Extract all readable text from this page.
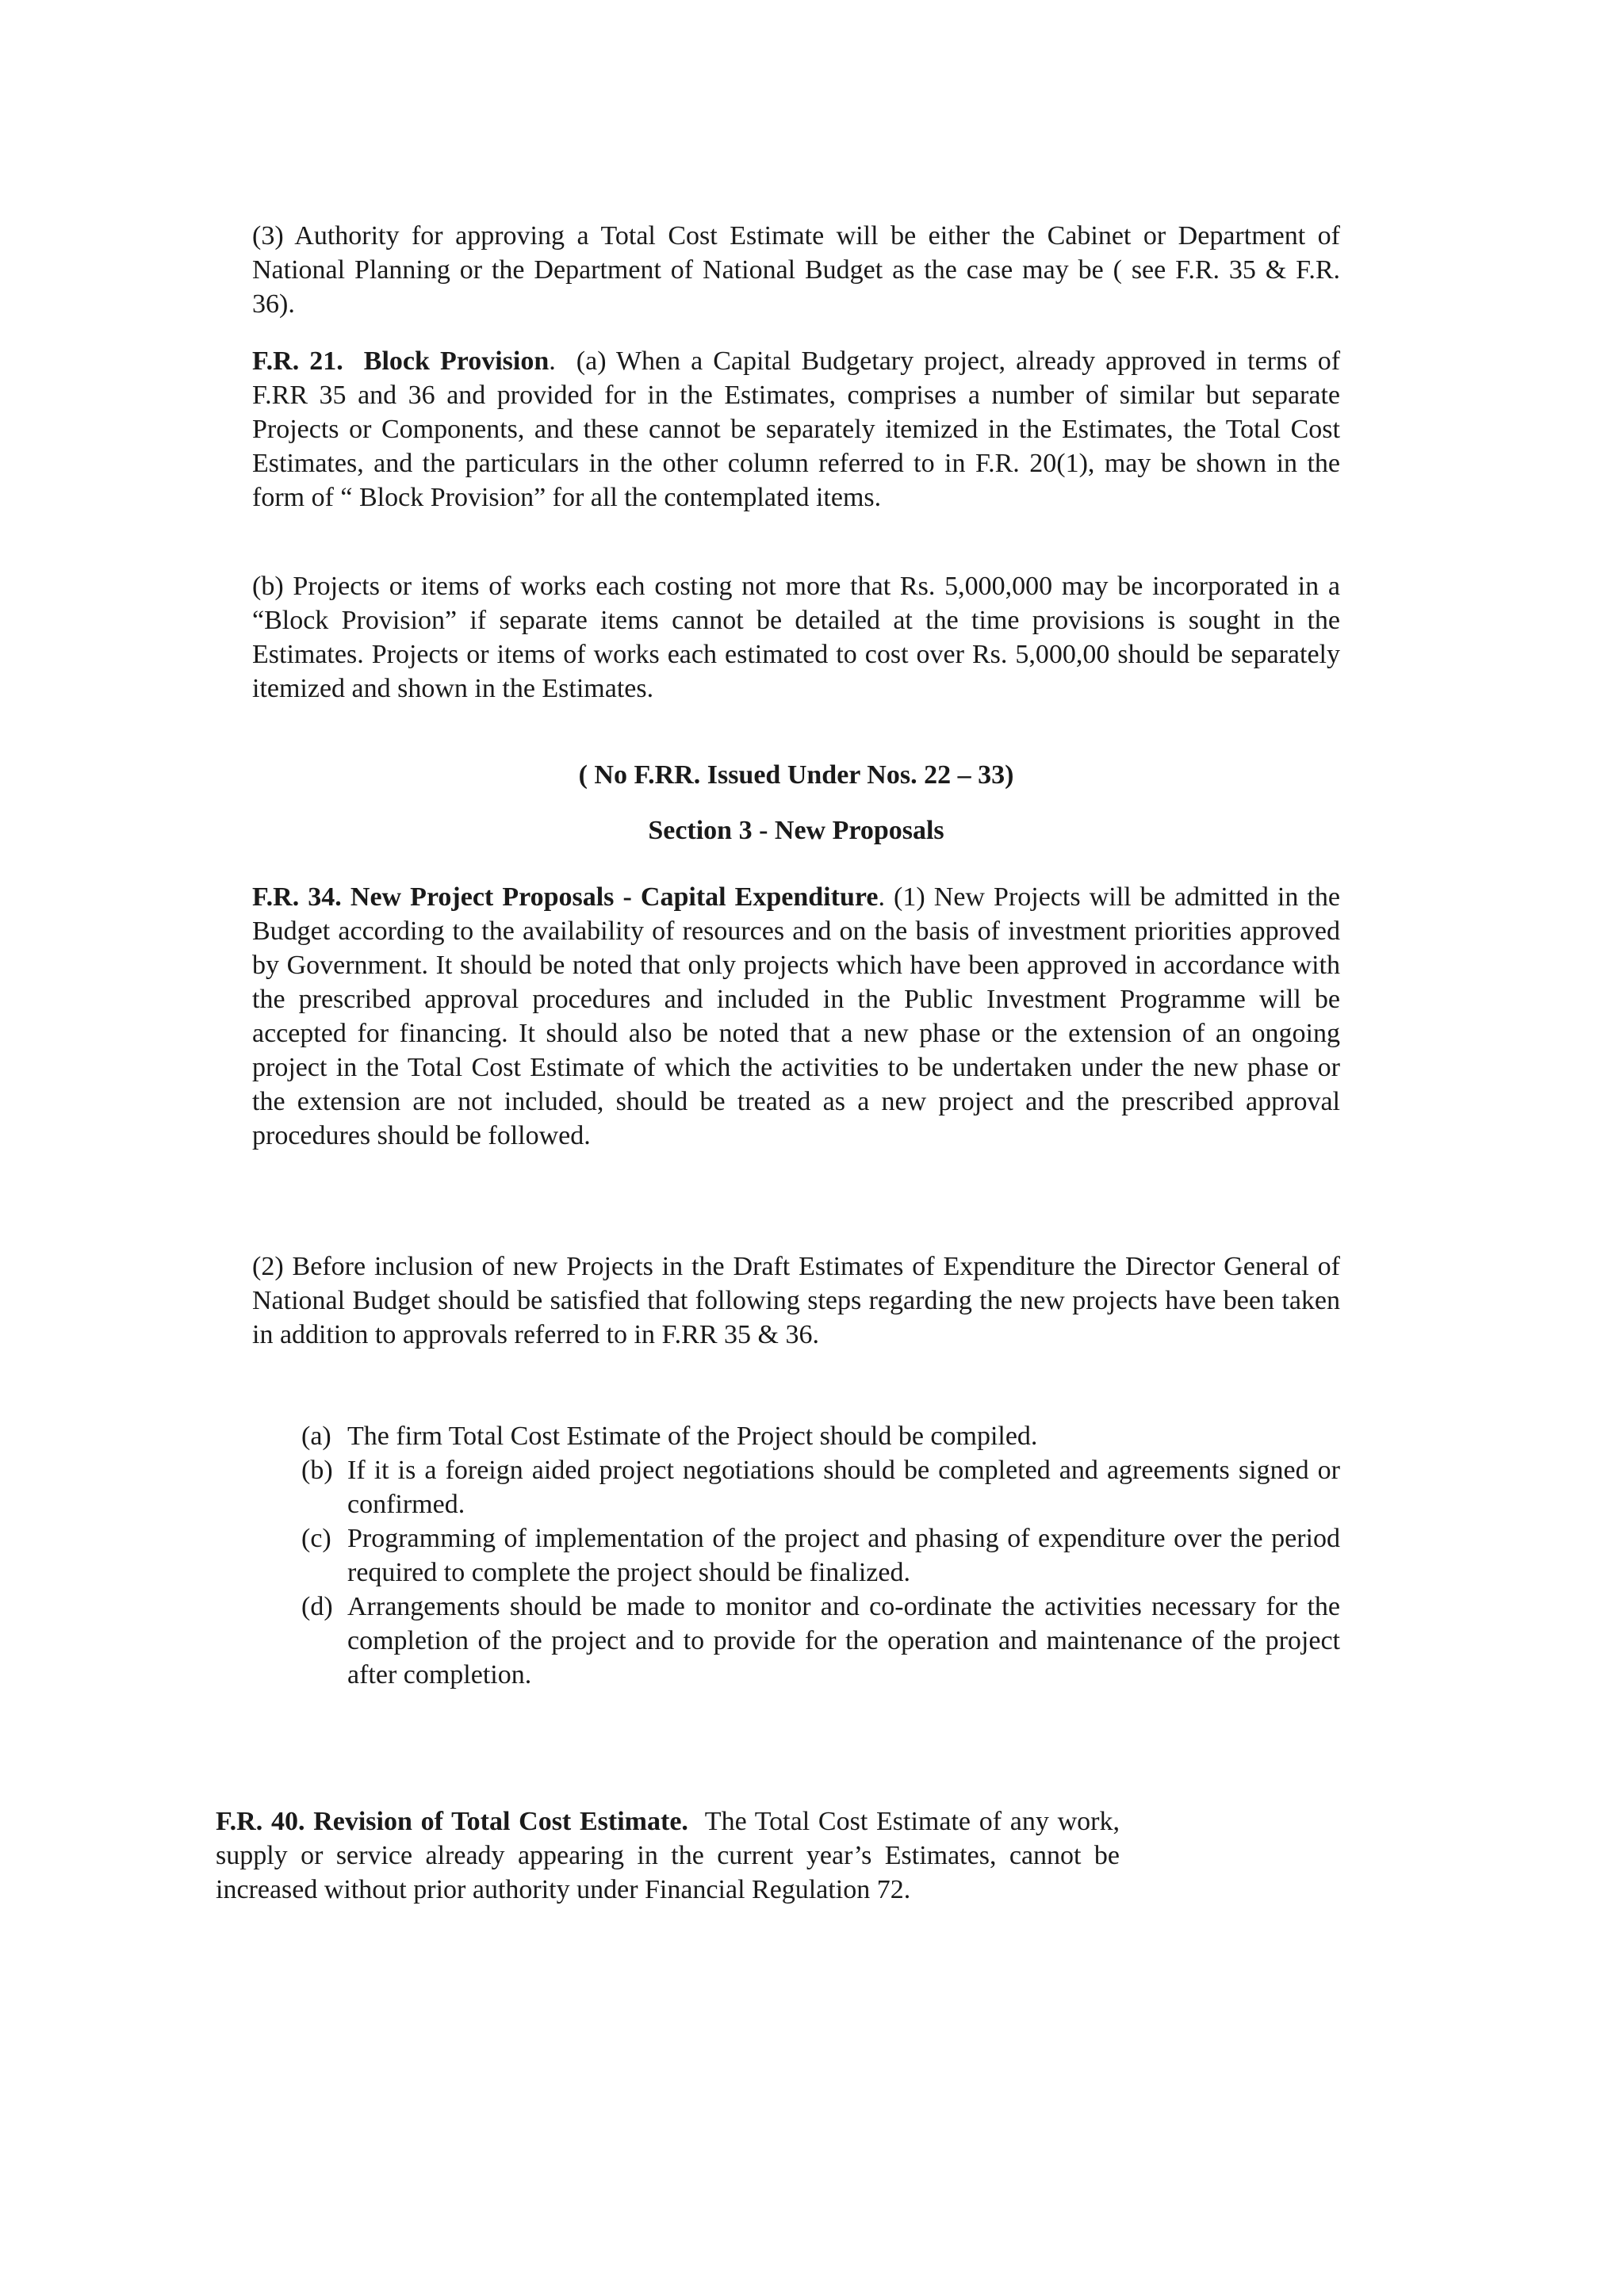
(3) Authority for approving a Total Cost Estimate will be either the Cabinet or Department of National Planning or the Department of National Budget as the case may be ( see F.R. 35 & F.R. 36).

F.R. 21. Block Provision. (a) When a Capital Budgetary project, already approved in terms of F.RR 35 and 36 and provided for in the Estimates, comprises a number of similar but separate Projects or Components, and these cannot be separately itemized in the Estimates, the Total Cost Estimates, and the particulars in the other column referred to in F.R. 20(1), may be shown in the form of “ Block Provision” for all the contemplated items.

(b) Projects or items of works each costing not more that Rs. 5,000,000 may be incorporated in a “Block Provision” if separate items cannot be detailed at the time provisions is sought in the Estimates. Projects or items of works each estimated to cost over Rs. 5,000,00 should be separately itemized and shown in the Estimates.

( No F.RR. Issued Under Nos. 22 – 33)
Section 3 - New Proposals

F.R. 34. New Project Proposals - Capital Expenditure. (1) New Projects will be admitted in the Budget according to the availability of resources and on the basis of investment priorities approved by Government. It should be noted that only projects which have been approved in accordance with the prescribed approval procedures and included in the Public Investment Programme will be accepted for financing. It should also be noted that a new phase or the extension of an ongoing project in the Total Cost Estimate of which the activities to be undertaken under the new phase or the extension are not included, should be treated as a new project and the prescribed approval procedures should be followed.

(2) Before inclusion of new Projects in the Draft Estimates of Expenditure the Director General of National Budget should be satisfied that following steps regarding the new projects have been taken in addition to approvals referred to in F.RR 35 & 36.

(a) The firm Total Cost Estimate of the Project should be compiled.
(b) If it is a foreign aided project negotiations should be completed and agreements signed or confirmed.
(c) Programming of implementation of the project and phasing of expenditure over the period required to complete the project should be finalized.
(d) Arrangements should be made to monitor and co-ordinate the activities necessary for the completion of the project and to provide for the operation and maintenance of the project after completion.

F.R. 40. Revision of Total Cost Estimate. The Total Cost Estimate of any work, supply or service already appearing in the current year’s Estimates, cannot be increased without prior authority under Financial Regulation 72.
